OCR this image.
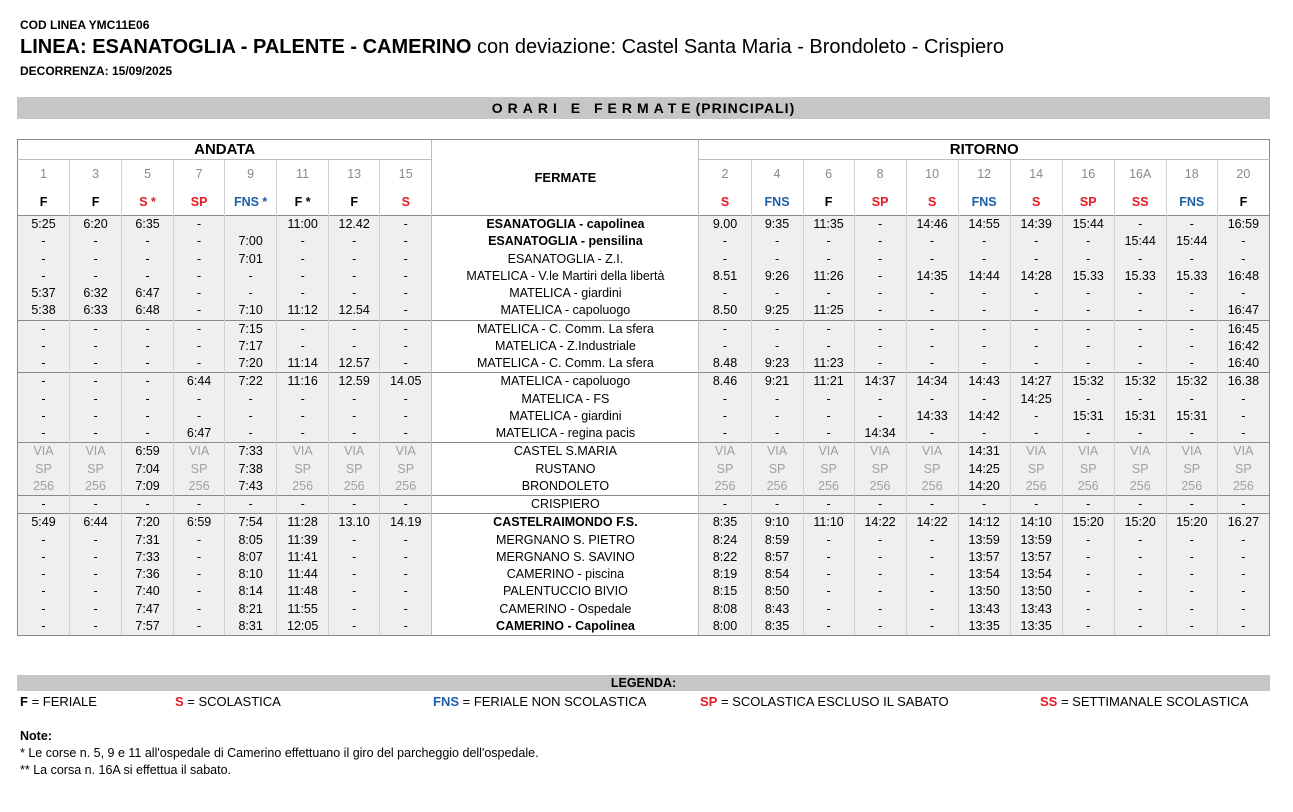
COD LINEA YMC11E06
LINEA: ESANATOGLIA - PALENTE - CAMERINO con deviazione: Castel Santa Maria - Brondoleto - Crispiero
DECORRENZA: 15/09/2025
ORARI E FERMATE(PRINCIPALI)
ANDATA								FERMATE	RITORNO										
1	3	5	7	9	11	13	15		2	4	6	8	10	12	14	16	16A	18	20
F	F	S *	SP	FNS *	F *	F	S		S	FNS	F	SP	S	FNS	S	SP	SS	FNS	F
5:25	6:20	6:35	-		11:00	12.42	-	ESANATOGLIA - capolinea	9.00	9:35	11:35	-	14:46	14:55	14:39	15:44	-	-	16:59
-	-	-	-	7:00	-	-	-	ESANATOGLIA - pensilina	-	-	-	-	-	-	-	-	15:44	15:44	-
-	-	-	-	7:01	-	-	-	ESANATOGLIA - Z.I.	-	-	-	-	-	-	-	-	-	-	-
-	-	-	-	-	-	-	-	MATELICA - V.le Martiri della libertà	8.51	9:26	11:26	-	14:35	14:44	14:28	15.33	15.33	15.33	16:48
5:37	6:32	6:47	-	-	-	-	-	MATELICA - giardini	-	-	-	-	-	-	-	-	-	-	-
5:38	6:33	6:48	-	7:10	11:12	12.54	-	MATELICA - capoluogo	8.50	9:25	11:25	-	-	-	-	-	-	-	16:47
-	-	-	-	7:15	-	-	-	MATELICA - C. Comm. La sfera	-	-	-	-	-	-	-	-	-	-	16:45
-	-	-	-	7:17	-	-	-	MATELICA - Z.Industriale	-	-	-	-	-	-	-	-	-	-	16:42
-	-	-	-	7:20	11:14	12.57	-	MATELICA - C. Comm. La sfera	8.48	9:23	11:23	-	-	-	-	-	-	-	16:40
-	-	-	6:44	7:22	11:16	12.59	14.05	MATELICA - capoluogo	8.46	9:21	11:21	14:37	14:34	14:43	14:27	15:32	15:32	15:32	16.38
-	-	-	-	-	-	-	-	MATELICA - FS	-	-	-	-	-	-	14:25	-	-	-	-
-	-	-	-	-	-	-	-	MATELICA - giardini	-	-	-	-	14:33	14:42	-	15:31	15:31	15:31	-
-	-	-	6:47	-	-	-	-	MATELICA - regina pacis	-	-	-	14:34	-	-	-	-	-	-	-
VIA	VIA	6:59	VIA	7:33	VIA	VIA	VIA	CASTEL S.MARIA	VIA	VIA	VIA	VIA	VIA	14:31	VIA	VIA	VIA	VIA	VIA
SP	SP	7:04	SP	7:38	SP	SP	SP	RUSTANO	SP	SP	SP	SP	SP	14:25	SP	SP	SP	SP	SP
256	256	7:09	256	7:43	256	256	256	BRONDOLETO	256	256	256	256	256	14:20	256	256	256	256	256
-	-	-	-	-	-	-	-	CRISPIERO	-	-	-	-	-	-	-	-	-	-	-
5:49	6:44	7:20	6:59	7:54	11:28	13.10	14.19	CASTELRAIMONDO F.S.	8:35	9:10	11:10	14:22	14:22	14:12	14:10	15:20	15:20	15:20	16.27
-	-	7:31	-	8:05	11:39	-	-	MERGNANO S. PIETRO	8:24	8:59	-	-	-	13:59	13:59	-	-	-	-
-	-	7:33	-	8:07	11:41	-	-	MERGNANO S. SAVINO	8:22	8:57	-	-	-	13:57	13:57	-	-	-	-
-	-	7:36	-	8:10	11:44	-	-	CAMERINO - piscina	8:19	8:54	-	-	-	13:54	13:54	-	-	-	-
-	-	7:40	-	8:14	11:48	-	-	PALENTUCCIO BIVIO	8:15	8:50	-	-	-	13:50	13:50	-	-	-	-
-	-	7:47	-	8:21	11:55	-	-	CAMERINO - Ospedale	8:08	8:43	-	-	-	13:43	13:43	-	-	-	-
-	-	7:57	-	8:31	12:05	-	-	CAMERINO - Capolinea	8:00	8:35	-	-	-	13:35	13:35	-	-	-	-
LEGENDA:
F = FERIALE	S = SCOLASTICA	FNS = FERIALE NON SCOLASTICA	SP = SCOLASTICA ESCLUSO IL SABATO	SS = SETTIMANALE SCOLASTICA
Note:
* Le corse n. 5, 9 e 11 all'ospedale di Camerino effettuano il giro del parcheggio dell'ospedale.
** La corsa n. 16A si effettua il sabato.
